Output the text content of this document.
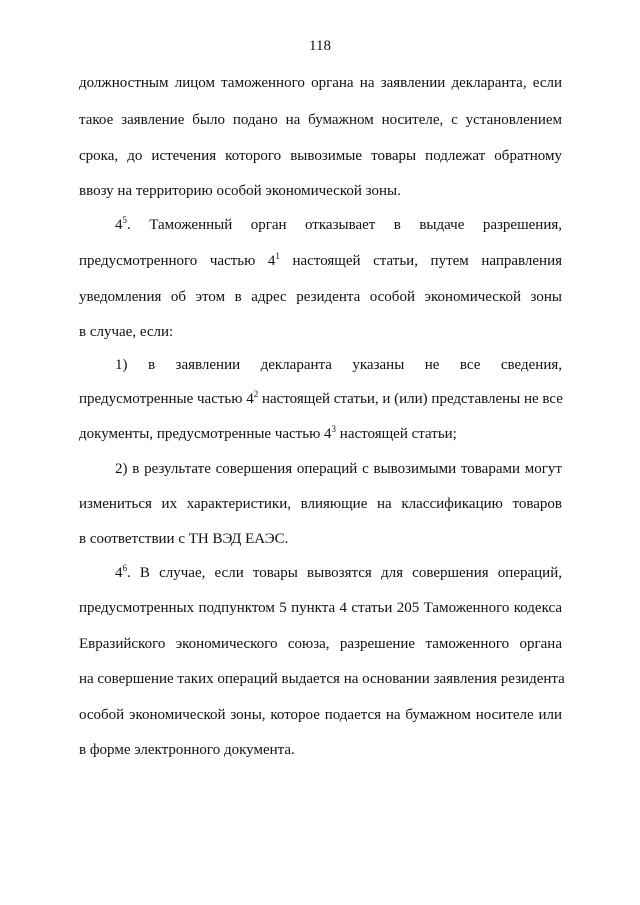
118
должностным лицом таможенного органа на заявлении декларанта, если
такое заявление было подано на бумажном носителе, с установлением
срока, до истечения которого вывозимые товары подлежат обратному
ввозу на территорию особой экономической зоны.
$4^5$. Таможенный орган отказывает в выдаче разрешения,
предусмотренного частью $4^1$ настоящей статьи, путем направления
уведомления об этом в адрес резидента особой экономической зоны
в случае, если:
1) в заявлении декларанта указаны не все сведения,
предусмотренные частью $4^2$ настоящей статьи, и (или) представлены не все
документы, предусмотренные частью $4^3$ настоящей статьи;
2) в результате совершения операций с вывозимыми товарами могут
измениться их характеристики, влияющие на классификацию товаров
в соответствии с ТН ВЭД ЕАЭС.
$4^6$. В случае, если товары вывозятся для совершения операций,
предусмотренных подпунктом 5 пункта 4 статьи 205 Таможенного кодекса
Евразийского экономического союза, разрешение таможенного органа
на совершение таких операций выдается на основании заявления резидента
особой экономической зоны, которое подается на бумажном носителе или
в форме электронного документа.
